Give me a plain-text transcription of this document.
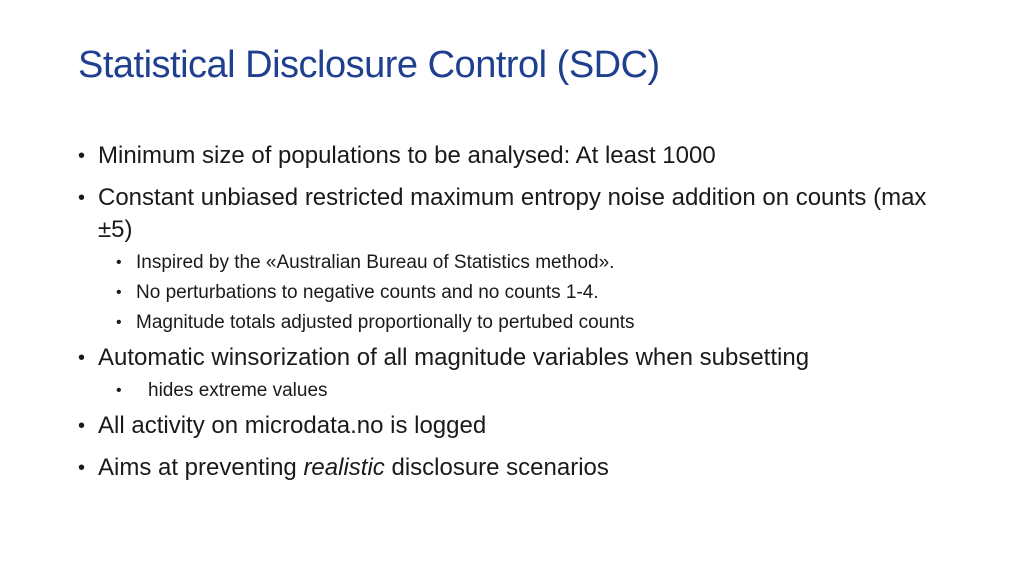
Statistical Disclosure Control (SDC)
• Minimum size of populations to be analysed: At least 1000
• Constant unbiased restricted maximum entropy noise addition on counts (max ±5)
• Inspired by the «Australian Bureau of Statistics method».
• No perturbations to negative counts and no counts 1-4.
• Magnitude totals adjusted proportionally to pertubed counts
• Automatic winsorization of all magnitude variables when subsetting
• hides extreme values
• All activity on microdata.no is logged
• Aims at preventing realistic disclosure scenarios
